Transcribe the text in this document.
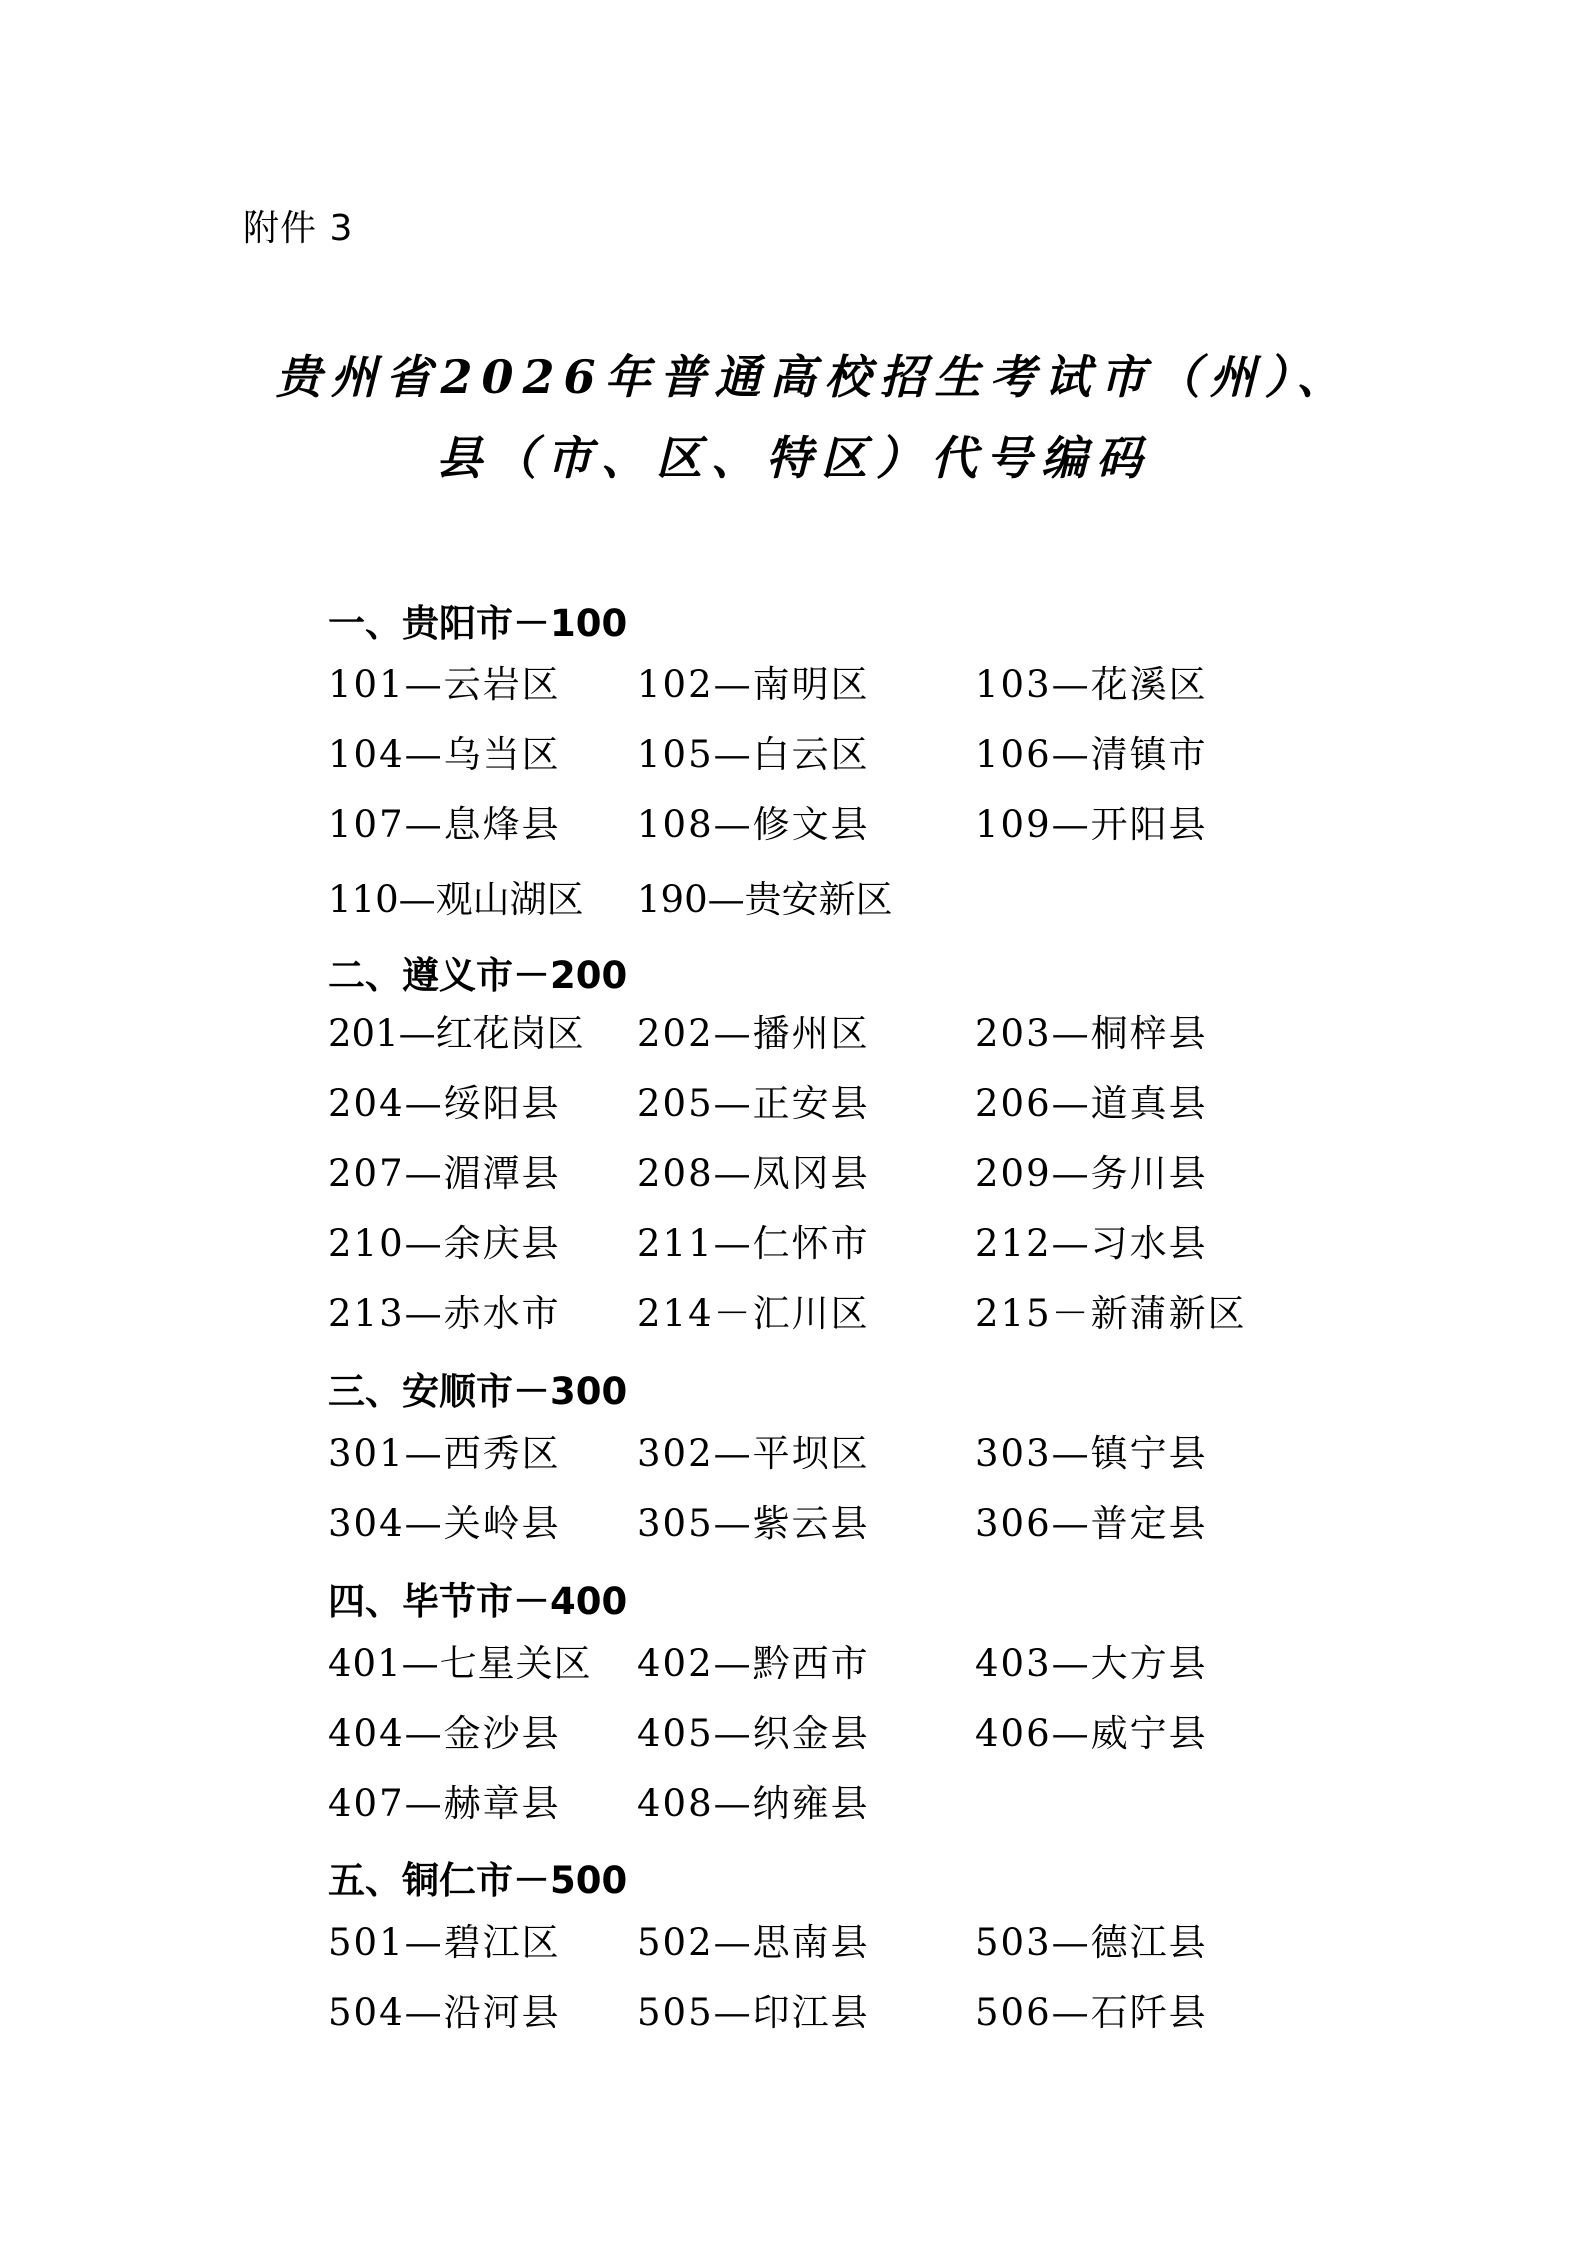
附件 3
贵州省2026年普通高校招生考试市（州）、
县（市、区、特区）代号编码
一、贵阳市－100
101—云岩区 102—南明区	103—花溪区
104—乌当区 105—白云区	106—清镇市
107—息烽县 108—修文县	109—开阳县
110—观山湖区 190—贵安新区
二、遵义市－200
201—红花岗区 202—播州区	203—桐梓县
204—绥阳县 205—正安县	206—道真县
207—湄潭县 208—凤冈县	209—务川县
210—余庆县 211—仁怀市	212—习水县
213—赤水市 214－汇川区	215－新蒲新区
三、安顺市－300
301—西秀区 302—平坝区	303—镇宁县
304—关岭县 305—紫云县	306—普定县
四、毕节市－400
401—七星关区 402—黔西市	403—大方县
404—金沙县 405—织金县	406—威宁县
407—赫章县 408—纳雍县
五、铜仁市－500
501—碧江区 502—思南县	503—德江县
504—沿河县 505—印江县	506—石阡县
